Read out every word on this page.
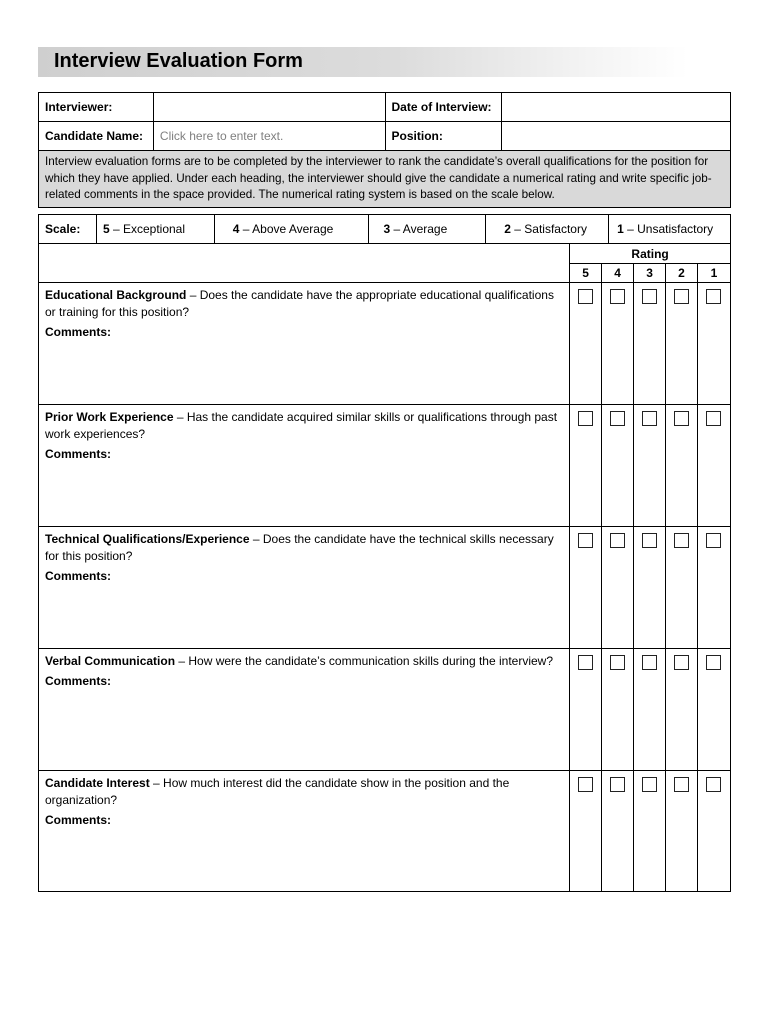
Interview Evaluation Form
Interviewer:		Date of Interview:	
Candidate Name:	Click here to enter text.	Position:	
Interview evaluation forms are to be completed by the interviewer to rank the candidate’s overall qualifications for the position for which they have applied. Under each heading, the interviewer should give the candidate a numerical rating and write specific job-related comments in the space provided. The numerical rating system is based on the scale below.			
Scale:	5 – Exceptional	4 – Above Average	3 – Average	2 – Satisfactory	1 – Unsatisfactory
	Rating				
	5	4	3	2	1

Educational Background – Does the candidate have the appropriate educational qualifications or training for this position?
Comments:					

Prior Work Experience – Has the candidate acquired similar skills or qualifications through past work experiences?
Comments:					

Technical Qualifications/Experience – Does the candidate have the technical skills necessary for this position?
Comments:					

Verbal Communication – How were the candidate’s communication skills during the interview?
Comments:					

Candidate Interest – How much interest did the candidate show in the position and the organization?
Comments:					
